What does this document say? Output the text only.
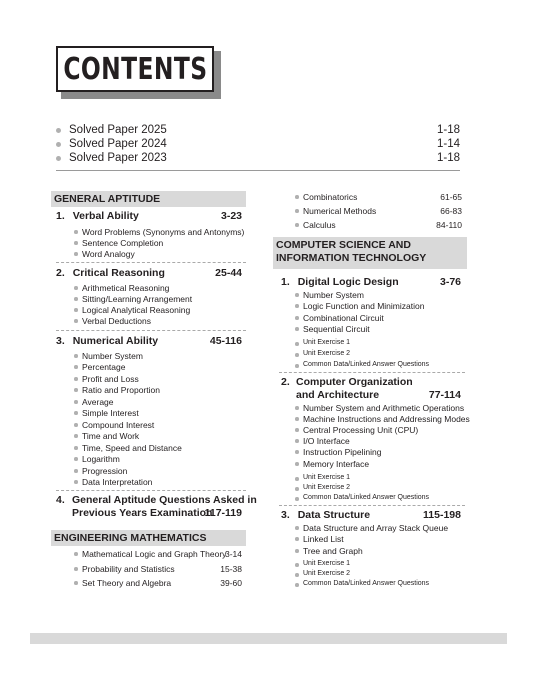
CONTENTS
Solved Paper 2025	1-18
Solved Paper 2024	1-14
Solved Paper 2023	1-18
GENERAL APTITUDE
1. Verbal Ability	3-23
Word Problems (Synonyms and Antonyms)
Sentence Completion
Word Analogy
2. Critical Reasoning	25-44
Arithmetical Reasoning
Sitting/Learning Arrangement
Logical Analytical Reasoning
Verbal Deductions
3. Numerical Ability	45-116
Number System
Percentage
Profit and Loss
Ratio and Proportion
Average
Simple Interest
Compound Interest
Time and Work
Time, Speed and Distance
Logarithm
Progression
Data Interpretation
4. General Aptitude Questions Asked in
Previous Years Examination
117-119
ENGINEERING MATHEMATICS
Mathematical Logic and Graph Theory
3-14
Probability and Statistics	15-38
Set Theory and Algebra	39-60
Combinatorics	61-65
Numerical Methods	66-83
Calculus	84-110
COMPUTER SCIENCE AND
INFORMATION TECHNOLOGY
1. Digital Logic Design	3-76
Number System
Logic Function and Minimization
Combinational Circuit
Sequential Circuit
Unit Exercise 1
Unit Exercise 2
Common Data/Linked Answer Questions
2. Computer Organization
and Architecture	77-114
Number System and Arithmetic Operations
Machine Instructions and Addressing Modes
Central Processing Unit (CPU)
I/O Interface
Instruction Pipelining
Memory Interface
Unit Exercise 1
Unit Exercise 2
Common Data/Linked Answer Questions
3. Data Structure	115-198
Data Structure and Array Stack Queue
Linked List
Tree and Graph
Unit Exercise 1
Unit Exercise 2
Common Data/Linked Answer Questions
